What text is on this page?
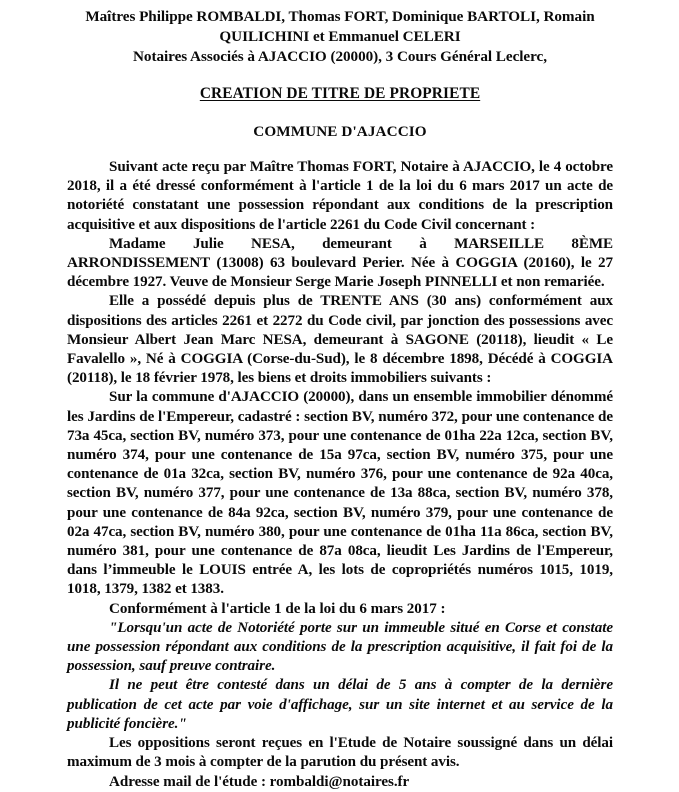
Maîtres Philippe ROMBALDI, Thomas FORT, Dominique BARTOLI, Romain
QUILICHINI et Emmanuel CELERI
Notaires Associés à AJACCIO (20000), 3 Cours Général Leclerc,
CREATION DE TITRE DE PROPRIETE
COMMUNE D'AJACCIO

Suivant acte reçu par Maître Thomas FORT, Notaire à AJACCIO, le 4 octobre 2018, il a été dressé conformément à l'article 1 de la loi du 6 mars 2017 un acte de notoriété constatant une possession répondant aux conditions de la prescription acquisitive et aux dispositions de l'article 2261 du Code Civil concernant :

Madame Julie NESA, demeurant à MARSEILLE 8ÈME ARRONDISSEMENT (13008) 63 boulevard Perier. Née à COGGIA (20160), le 27 décembre 1927. Veuve de Monsieur Serge Marie Joseph PINNELLI et non remariée.

Elle a possédé depuis plus de TRENTE ANS (30 ans) conformément aux dispositions des articles 2261 et 2272 du Code civil, par jonction des possessions avec Monsieur Albert Jean Marc NESA, demeurant à SAGONE (20118), lieudit « Le Favalello », Né à COGGIA (Corse-du-Sud), le 8 décembre 1898, Décédé à COGGIA (20118), le 18 février 1978, les biens et droits immobiliers suivants :

Sur la commune d'AJACCIO (20000), dans un ensemble immobilier dénommé les Jardins de l'Empereur, cadastré : section BV, numéro 372, pour une contenance de 73a 45ca, section BV, numéro 373, pour une contenance de 01ha 22a 12ca, section BV, numéro 374, pour une contenance de 15a 97ca, section BV, numéro 375, pour une contenance de 01a 32ca, section BV, numéro 376, pour une contenance de 92a 40ca, section BV, numéro 377, pour une contenance de 13a 88ca, section BV, numéro 378, pour une contenance de 84a 92ca, section BV, numéro 379, pour une contenance de 02a 47ca, section BV, numéro 380, pour une contenance de 01ha 11a 86ca, section BV, numéro 381, pour une contenance de 87a 08ca, lieudit Les Jardins de l'Empereur, dans l’immeuble le LOUIS entrée A, les lots de copropriétés numéros 1015, 1019, 1018, 1379, 1382 et 1383.

Conformément à l'article 1 de la loi du 6 mars 2017 :

"Lorsqu'un acte de Notoriété porte sur un immeuble situé en Corse et constate une possession répondant aux conditions de la prescription acquisitive, il fait foi de la possession, sauf preuve contraire.

Il ne peut être contesté dans un délai de 5 ans à compter de la dernière publication de cet acte par voie d'affichage, sur un site internet et au service de la publicité foncière."

Les oppositions seront reçues en l'Etude de Notaire soussigné dans un délai maximum de 3 mois à compter de la parution du présent avis.

Adresse mail de l'étude : rombaldi@notaires.fr
